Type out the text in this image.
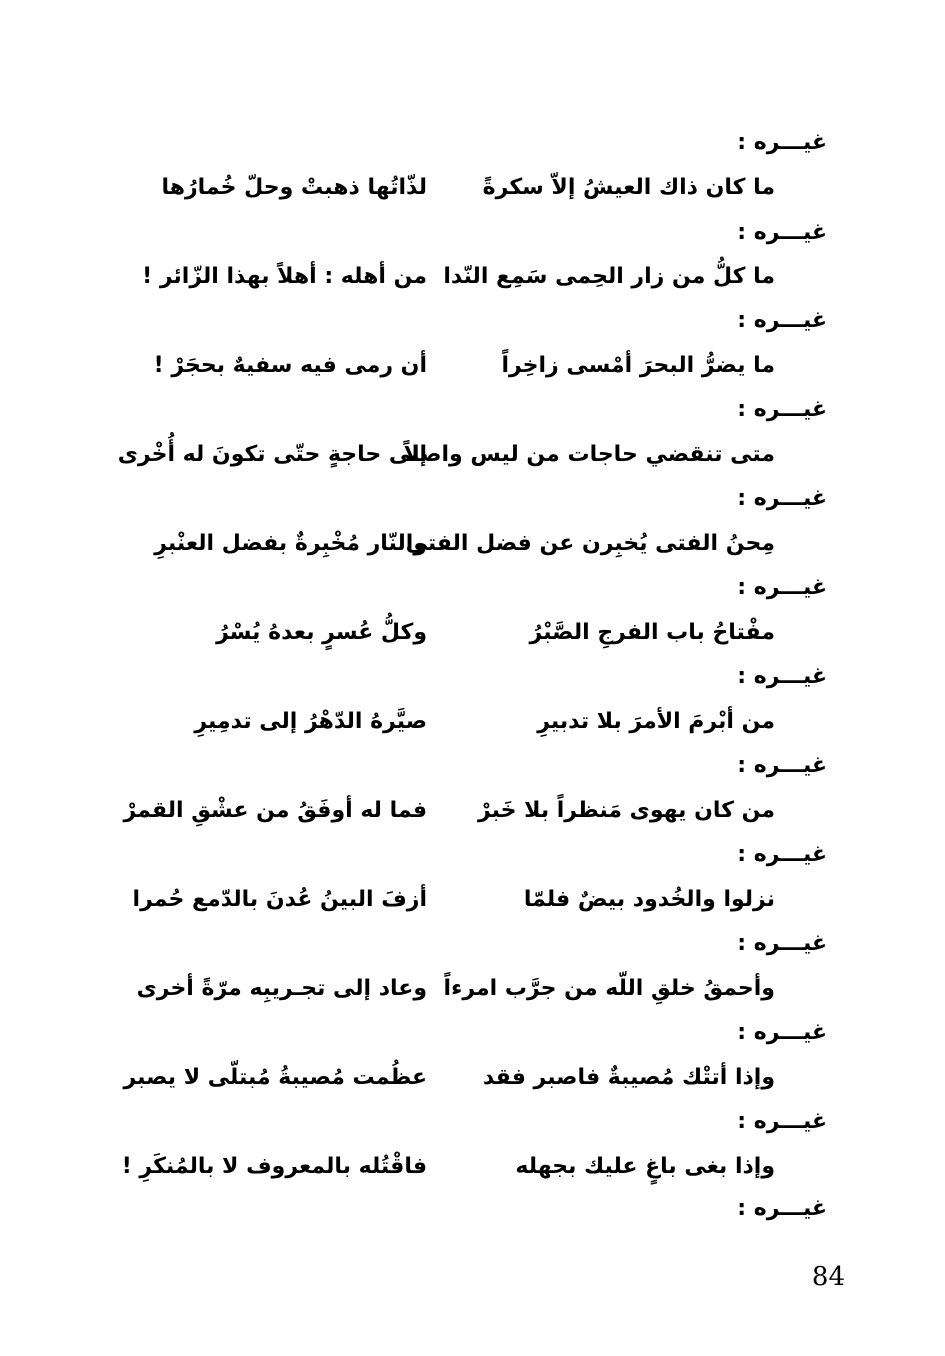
غيـــره :
ما كان ذاك العيشُ إلاّ سكرةً
لذّاتُها ذهبتْ وحلّ خُمارُها
غيـــره :
ما كلُّ من زار الحِمى سَمِع النّدا
من أهله : أهلاً بهذا الزّائر !
غيـــره :
ما يضرُّ البحرَ أمْسى زاخِراً
أن رمى فيه سفيهٌ بحجَرْ !
غيـــره :
متى تنقضي حاجات من ليس واصلاً
إلى حاجةٍ حتّى تكونَ له أُخْرى
غيـــره :
مِحنُ الفتى يُخبِرن عن فضل الفتى
والنّار مُخْبِرةٌ بفضل العنْبرِ
غيـــره :
مفْتاحُ باب الفرجِ الصَّبْرُ
وكلُّ عُسرٍ بعدهُ يُسْرُ
غيـــره :
من أبْرمَ الأمرَ بلا تدبيرِ
صيَّرهُ الدّهْرُ إلى تدمِيرِ
غيـــره :
من كان يهوى مَنظراً بلا خَبرْ
فما له أوفَقُ من عشْقِ القمرْ
غيـــره :
نزلوا والخُدود بيضٌ فلمّا
أزفَ البينُ عُدنَ بالدّمع حُمرا
غيـــره :
وأحمقُ خلقِ اللّه من جرَّب امرءاً
وعاد إلى تجـريبِه مرّةً أخرى
غيـــره :
وإذا أتتْك مُصيبةٌ فاصبر فقد
عظُمت مُصيبةُ مُبتلّى لا يصبر
غيـــره :
وإذا بغى باغٍ عليك بجهله
فاقْتُله بالمعروف لا بالمُنكَرِ !
غيـــره :
84
